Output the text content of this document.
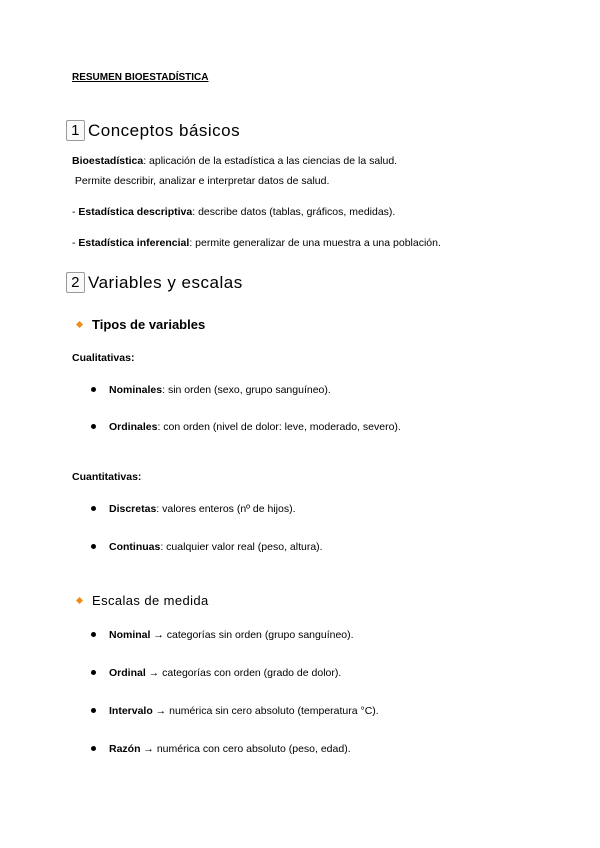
RESUMEN BIOESTADÍSTICA
1 Conceptos básicos
Bioestadística: aplicación de la estadística a las ciencias de la salud.
Permite describir, analizar e interpretar datos de salud.
- Estadística descriptiva: describe datos (tablas, gráficos, medidas).
- Estadística inferencial: permite generalizar de una muestra a una población.
2 Variables y escalas
Tipos de variables
Cualitativas:
Nominales: sin orden (sexo, grupo sanguíneo).
Ordinales: con orden (nivel de dolor: leve, moderado, severo).
Cuantitativas:
Discretas: valores enteros (nº de hijos).
Continuas: cualquier valor real (peso, altura).
Escalas de medida
Nominal → categorías sin orden (grupo sanguíneo).
Ordinal → categorías con orden (grado de dolor).
Intervalo → numérica sin cero absoluto (temperatura °C).
Razón → numérica con cero absoluto (peso, edad).
